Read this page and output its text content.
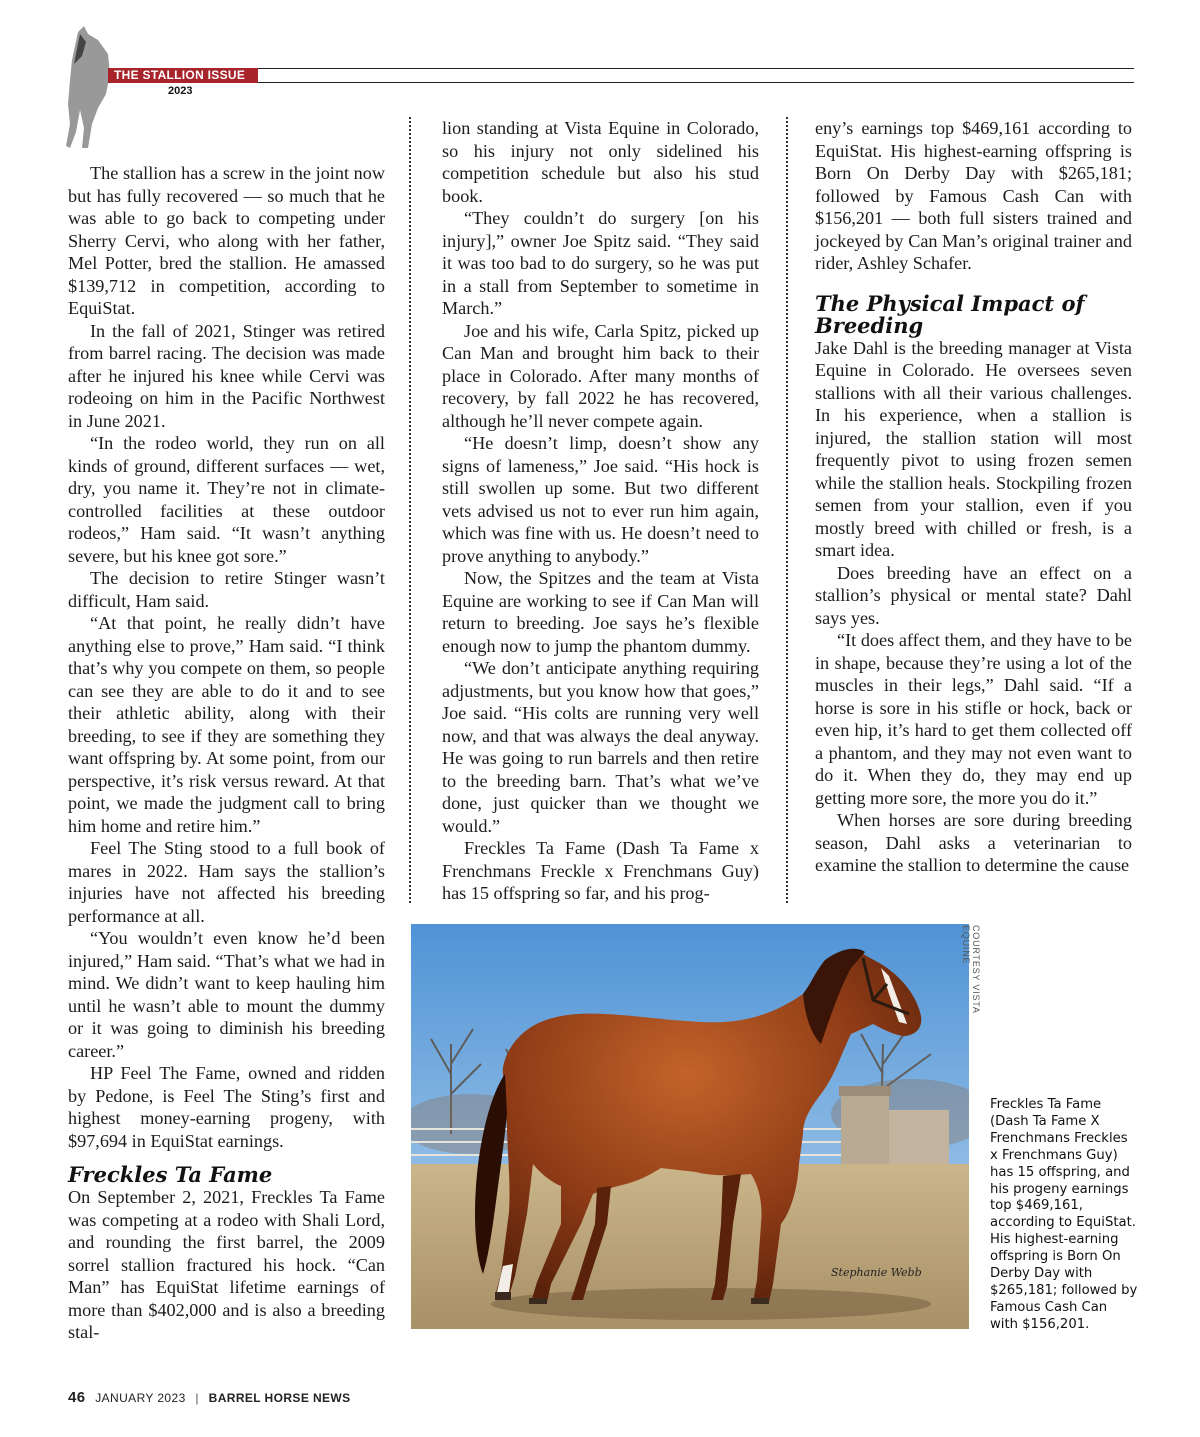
THE STALLION ISSUE
2023

The stallion has a screw in the joint now but has fully recovered — so much that he was able to go back to competing under Sherry Cervi, who along with her father, Mel Potter, bred the stallion. He amassed $139,712 in competition, according to EquiStat.

In the fall of 2021, Stinger was retired from barrel racing. The decision was made after he injured his knee while Cervi was rodeoing on him in the Pacific Northwest in June 2021.

“In the rodeo world, they run on all kinds of ground, different surfaces — wet, dry, you name it. They’re not in climate-controlled facilities at these outdoor rodeos,” Ham said. “It wasn’t anything severe, but his knee got sore.”

The decision to retire Stinger wasn’t difficult, Ham said.

“At that point, he really didn’t have anything else to prove,” Ham said. “I think that’s why you compete on them, so people can see they are able to do it and to see their athletic ability, along with their breeding, to see if they are something they want offspring by. At some point, from our perspective, it’s risk versus reward. At that point, we made the judgment call to bring him home and retire him.”

Feel The Sting stood to a full book of mares in 2022. Ham says the stallion’s injuries have not affected his breeding performance at all.

“You wouldn’t even know he’d been injured,” Ham said. “That’s what we had in mind. We didn’t want to keep hauling him until he wasn’t able to mount the dummy or it was going to diminish his breeding career.”

HP Feel The Fame, owned and ridden by Pedone, is Feel The Sting’s first and highest money-earning progeny, with $97,694 in EquiStat earnings.

Freckles Ta Fame

On September 2, 2021, Freckles Ta Fame was competing at a rodeo with Shali Lord, and rounding the first barrel, the 2009 sorrel stallion fractured his hock. “Can Man” has EquiStat lifetime earnings of more than $402,000 and is also a breeding stal-

lion standing at Vista Equine in Colorado, so his injury not only sidelined his competition schedule but also his stud book.

“They couldn’t do surgery [on his injury],” owner Joe Spitz said. “They said it was too bad to do surgery, so he was put in a stall from September to sometime in March.”

Joe and his wife, Carla Spitz, picked up Can Man and brought him back to their place in Colorado. After many months of recovery, by fall 2022 he has recovered, although he’ll never compete again.

“He doesn’t limp, doesn’t show any signs of lameness,” Joe said. “His hock is still swollen up some. But two different vets advised us not to ever run him again, which was fine with us. He doesn’t need to prove anything to anybody.”

Now, the Spitzes and the team at Vista Equine are working to see if Can Man will return to breeding. Joe says he’s flexible enough now to jump the phantom dummy.

“We don’t anticipate anything requiring adjustments, but you know how that goes,” Joe said. “His colts are running very well now, and that was always the deal anyway. He was going to run barrels and then retire to the breeding barn. That’s what we’ve done, just quicker than we thought we would.”

Freckles Ta Fame (Dash Ta Fame x Frenchmans Freckle x Frenchmans Guy) has 15 offspring so far, and his prog-

eny’s earnings top $469,161 according to EquiStat. His highest-earning offspring is Born On Derby Day with $265,181; followed by Famous Cash Can with $156,201 — both full sisters trained and jockeyed by Can Man’s original trainer and rider, Ashley Schafer.

The Physical Impact of Breeding

Jake Dahl is the breeding manager at Vista Equine in Colorado. He oversees seven stallions with all their various challenges. In his experience, when a stallion is injured, the stallion station will most frequently pivot to using frozen semen while the stallion heals. Stockpiling frozen semen from your stallion, even if you mostly breed with chilled or fresh, is a smart idea.

Does breeding have an effect on a stallion’s physical or mental state? Dahl says yes.

“It does affect them, and they have to be in shape, because they’re using a lot of the muscles in their legs,” Dahl said. “If a horse is sore in his stifle or hock, back or even hip, it’s hard to get them collected off a phantom, and they may not even want to do it. When they do, they may end up getting more sore, the more you do it.”

When horses are sore during breeding season, Dahl asks a veterinarian to examine the stallion to determine the cause

Stephanie Webb
COURTESY VISTA EQUINE
Freckles Ta Fame (Dash Ta Fame X Frenchmans Freckles x Frenchmans Guy) has 15 offspring, and his progeny earnings top $469,161, according to EquiStat. His highest-earning offspring is Born On Derby Day with $265,181; followed by Famous Cash Can with $156,201.
46 JANUARY 2023 | BARREL HORSE NEWS
